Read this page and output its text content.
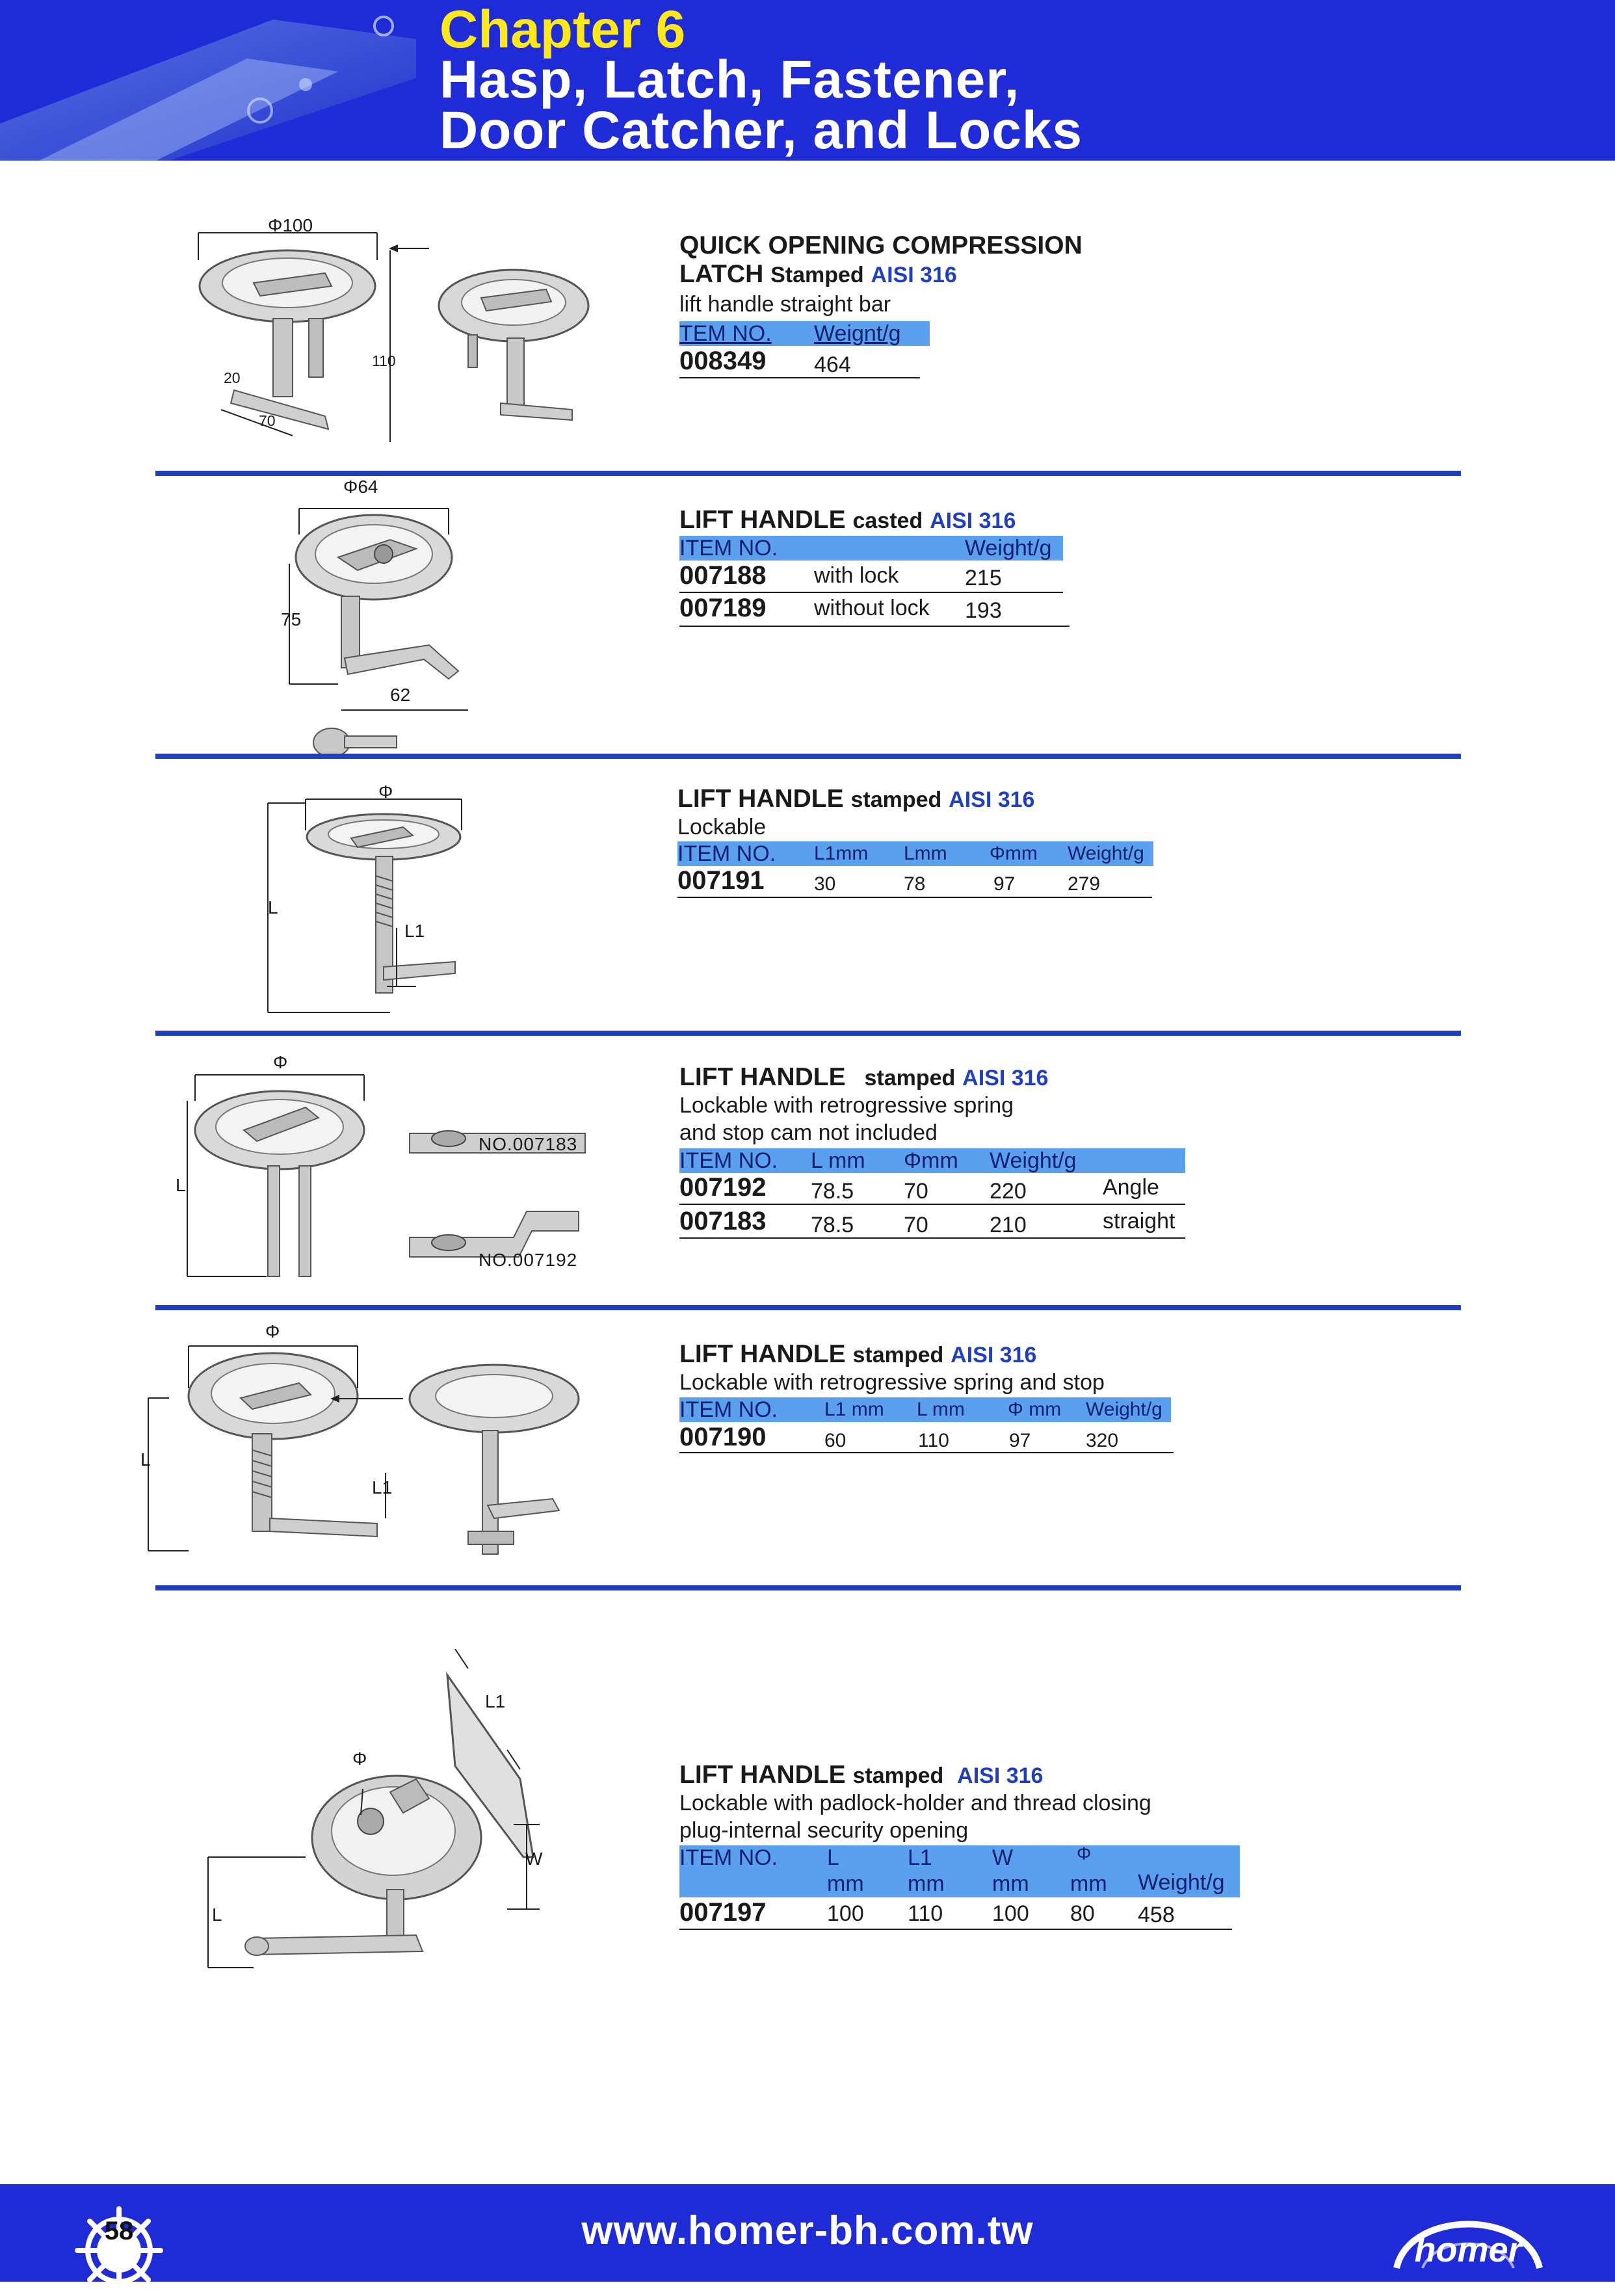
Chapter 6
Hasp, Latch, Fastener,
Door Catcher, and Locks
Φ100
110
20
70
QUICK OPENING COMPRESSION
LATCH Stamped AISI 316
lift handle straight bar
TEM NO. Weignt/g
008349 464
Φ64
75
62
LIFT HANDLE casted AISI 316
ITEM NO.	Weight/g
007188 with lock	215
007189 without lock 193
Φ
L
L1
LIFT HANDLE stamped AISI 316
Lockable
ITEM NO. L1mm Lmm Φmm Weight/g
007191	30	78	97	279
Φ
L
NO.007183
NO.007192
LIFT HANDLE stamped AISI 316
Lockable with retrogressive spring
and stop cam not included
ITEM NO. L mm Φmm Weight/g
007192 78.5 70	220	Angle
007183 78.5 70	210	straight
Φ
L
L1
LIFT HANDLE stamped AISI 316
Lockable with retrogressive spring and stop
ITEM NO. L1 mm L mm Φ mm Weight/g
007190	60	110	97	320
L1
Φ
W
L
LIFT HANDLE stamped AISI 316
Lockable with padlock-holder and thread closing
plug-internal security opening
ITEM NO. L	L1	W	Φ
mm mm mm mm Weight/g
007197	100 110 100 80 458
58	www.homer-bh.com.tw	homer
